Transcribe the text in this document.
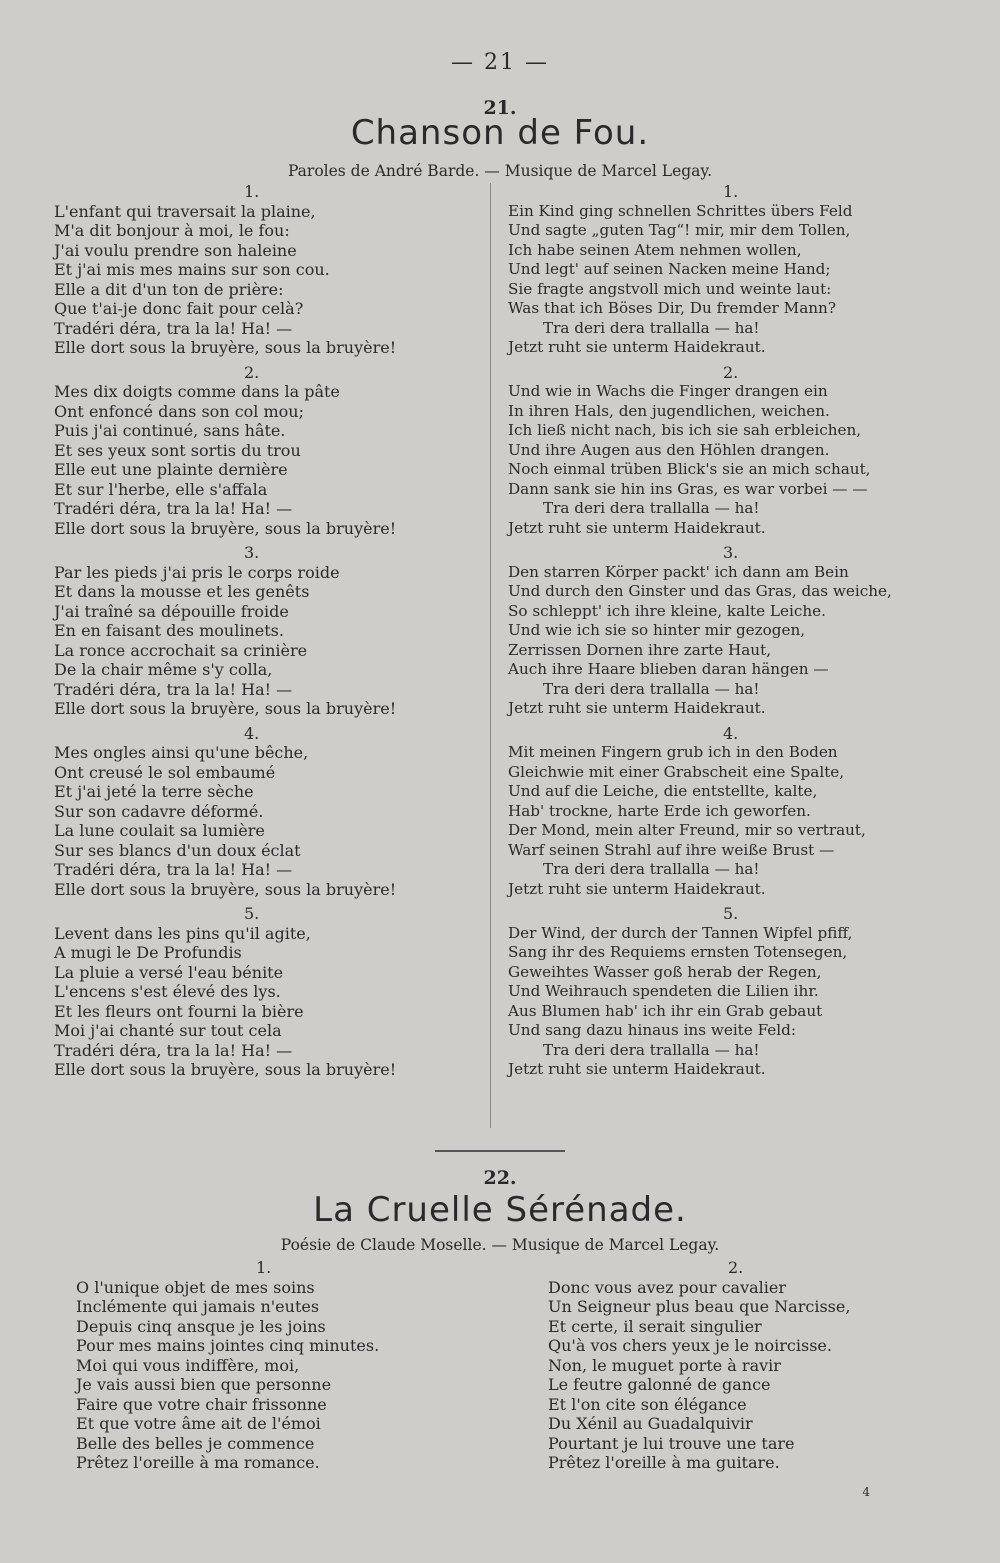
— 21 —
21.
Chanson de Fou.
Paroles de André Barde. — Musique de Marcel Legay.
1.
L'enfant qui traversait la plaine,
M'a dit bonjour à moi, le fou:
J'ai voulu prendre son haleine
Et j'ai mis mes mains sur son cou.
Elle a dit d'un ton de prière:
Que t'ai-je donc fait pour celà?
Tradéri déra, tra la la! Ha! —
Elle dort sous la bruyère, sous la bruyère!
2.
Mes dix doigts comme dans la pâte
Ont enfoncé dans son col mou;
Puis j'ai continué, sans hâte.
Et ses yeux sont sortis du trou
Elle eut une plainte dernière
Et sur l'herbe, elle s'affala
Tradéri déra, tra la la! Ha! —
Elle dort sous la bruyère, sous la bruyère!
3.
Par les pieds j'ai pris le corps roide
Et dans la mousse et les genêts
J'ai traîné sa dépouille froide
En en faisant des moulinets.
La ronce accrochait sa crinière
De la chair même s'y colla,
Tradéri déra, tra la la! Ha! —
Elle dort sous la bruyère, sous la bruyère!
4.
Mes ongles ainsi qu'une bêche,
Ont creusé le sol embaumé
Et j'ai jeté la terre sèche
Sur son cadavre déformé.
La lune coulait sa lumière
Sur ses blancs d'un doux éclat
Tradéri déra, tra la la! Ha! —
Elle dort sous la bruyère, sous la bruyère!
5.
Levent dans les pins qu'il agite,
A mugi le De Profundis
La pluie a versé l'eau bénite
L'encens s'est élevé des lys.
Et les fleurs ont fourni la bière
Moi j'ai chanté sur tout cela
Tradéri déra, tra la la! Ha! —
Elle dort sous la bruyère, sous la bruyère!
1.
Ein Kind ging schnellen Schrittes übers Feld
Und sagte „guten Tag“! mir, mir dem Tollen,
Ich habe seinen Atem nehmen wollen,
Und legt' auf seinen Nacken meine Hand;
Sie fragte angstvoll mich und weinte laut:
Was that ich Böses Dir, Du fremder Mann?
Tra deri dera trallalla — ha!
Jetzt ruht sie unterm Haidekraut.
2.
Und wie in Wachs die Finger drangen ein
In ihren Hals, den jugendlichen, weichen.
Ich ließ nicht nach, bis ich sie sah erbleichen,
Und ihre Augen aus den Höhlen drangen.
Noch einmal trüben Blick's sie an mich schaut,
Dann sank sie hin ins Gras, es war vorbei — —
Tra deri dera trallalla — ha!
Jetzt ruht sie unterm Haidekraut.
3.
Den starren Körper packt' ich dann am Bein
Und durch den Ginster und das Gras, das weiche,
So schleppt' ich ihre kleine, kalte Leiche.
Und wie ich sie so hinter mir gezogen,
Zerrissen Dornen ihre zarte Haut,
Auch ihre Haare blieben daran hängen —
Tra deri dera trallalla — ha!
Jetzt ruht sie unterm Haidekraut.
4.
Mit meinen Fingern grub ich in den Boden
Gleichwie mit einer Grabscheit eine Spalte,
Und auf die Leiche, die entstellte, kalte,
Hab' trockne, harte Erde ich geworfen.
Der Mond, mein alter Freund, mir so vertraut,
Warf seinen Strahl auf ihre weiße Brust —
Tra deri dera trallalla — ha!
Jetzt ruht sie unterm Haidekraut.
5.
Der Wind, der durch der Tannen Wipfel pfiff,
Sang ihr des Requiems ernsten Totensegen,
Geweihtes Wasser goß herab der Regen,
Und Weihrauch spendeten die Lilien ihr.
Aus Blumen hab' ich ihr ein Grab gebaut
Und sang dazu hinaus ins weite Feld:
Tra deri dera trallalla — ha!
Jetzt ruht sie unterm Haidekraut.
22.
La Cruelle Sérénade.
Poésie de Claude Moselle. — Musique de Marcel Legay.
1.
O l'unique objet de mes soins
Inclémente qui jamais n'eutes
Depuis cinq ansque je les joins
Pour mes mains jointes cinq minutes.
Moi qui vous indiffère, moi,
Je vais aussi bien que personne
Faire que votre chair frissonne
Et que votre âme ait de l'émoi
Belle des belles je commence
Prêtez l'oreille à ma romance.
2.
Donc vous avez pour cavalier
Un Seigneur plus beau que Narcisse,
Et certe, il serait singulier
Qu'à vos chers yeux je le noircisse.
Non, le muguet porte à ravir
Le feutre galonné de gance
Et l'on cite son élégance
Du Xénil au Guadalquivir
Pourtant je lui trouve une tare
Prêtez l'oreille à ma guitare.
4
